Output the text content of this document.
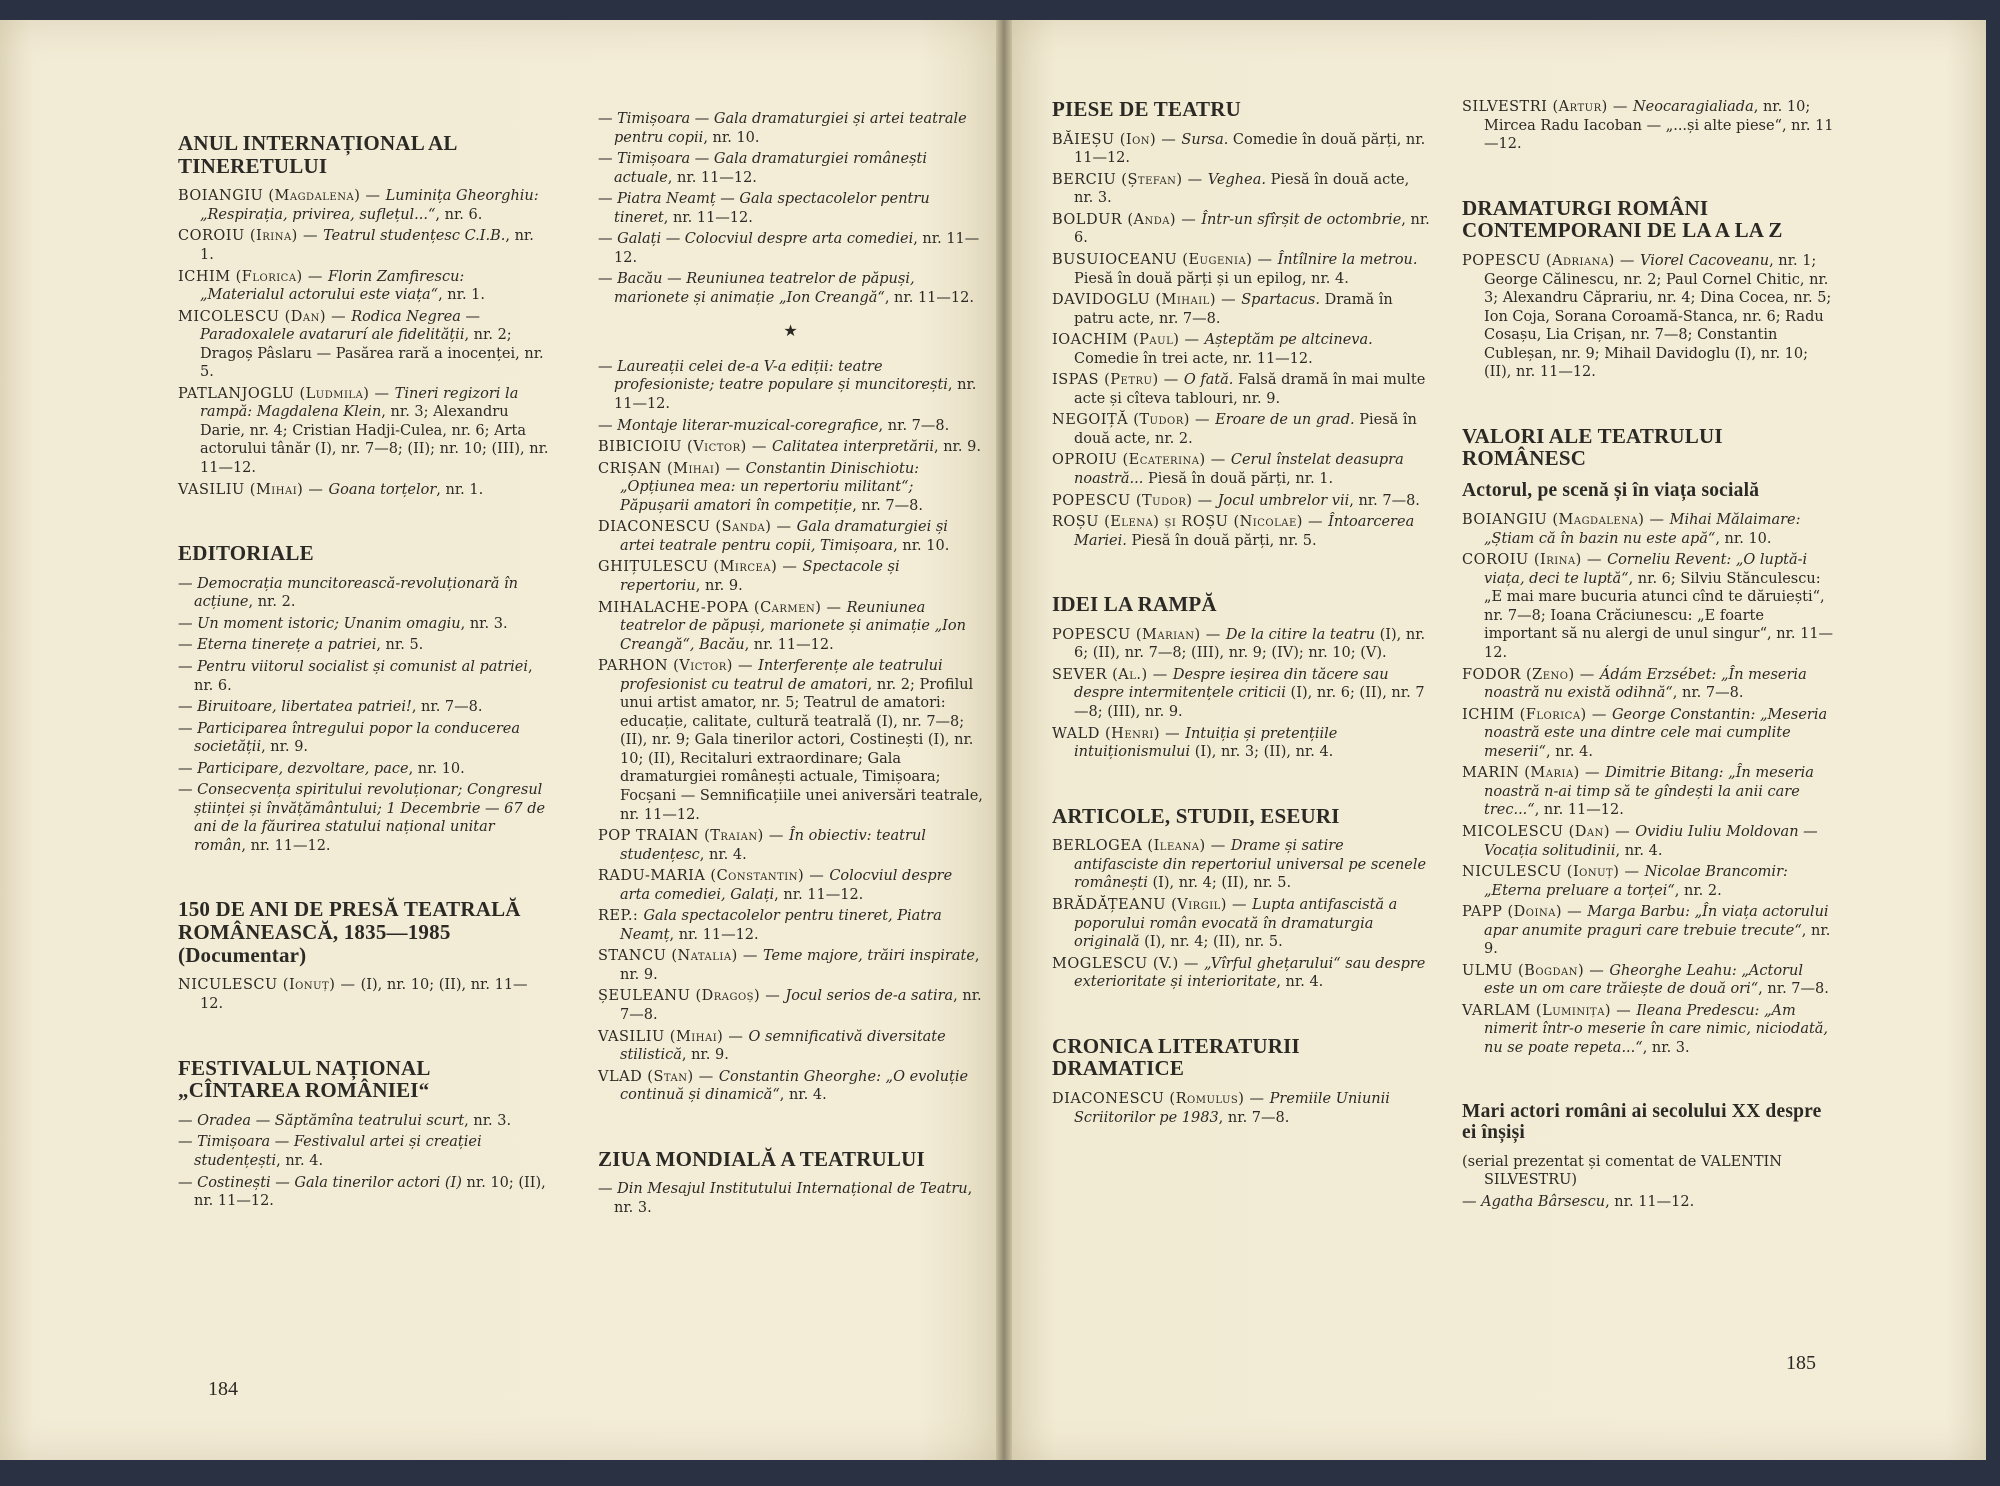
ANUL INTERNAȚIONAL AL TINERETULUI
BOIANGIU (Magdalena) — Luminița Gheorghiu: „Respirația, privirea, suflețul...“, nr. 6.
COROIU (Irina) — Teatrul studențesc C.I.B., nr. 1.
ICHIM (Florica) — Florin Zamfirescu: „Materialul actorului este viața“, nr. 1.
MICOLESCU (Dan) — Rodica Negrea — Paradoxalele avatarurí ale fidelității, nr. 2; Dragoș Pâslaru — Pasărea rară a inocenței, nr. 5.
PATLANJOGLU (Ludmila) — Tineri regizori la rampă: Magdalena Klein, nr. 3; Alexandru Darie, nr. 4; Cristian Hadji-Culea, nr. 6; Arta actorului tânăr (I), nr. 7—8; (II); nr. 10; (III), nr. 11—12.
VASILIU (Mihai) — Goana torțelor, nr. 1.
EDITORIALE
— Democrația muncitorească-revoluționară în acțiune, nr. 2.
— Un moment istoric; Unanim omagiu, nr. 3.
— Eterna tinerețe a patriei, nr. 5.
— Pentru viitorul socialist și comunist al patriei, nr. 6.
— Biruitoare, libertatea patriei!, nr. 7—8.
— Participarea întregului popor la conducerea societății, nr. 9.
— Participare, dezvoltare, pace, nr. 10.
— Consecvența spiritului revoluționar; Congresul științei și învățământului; 1 Decembrie — 67 de ani de la făurirea statului național unitar român, nr. 11—12.
150 DE ANI DE PRESĂ TEATRALĂ ROMÂNEASCĂ, 1835—1985 (Documentar)
NICULESCU (Ionuț) — (I), nr. 10; (II), nr. 11—12.
FESTIVALUL NAȚIONAL „CÎNTAREA ROMÂNIEI“
— Oradea — Săptămîna teatrului scurt, nr. 3.
— Timișoara — Festivalul artei și creației studențești, nr. 4.
— Costinești — Gala tinerilor actori (I) nr. 10; (II), nr. 11—12.
— Timișoara — Gala dramaturgiei și artei teatrale pentru copii, nr. 10.
— Timișoara — Gala dramaturgiei românești actuale, nr. 11—12.
— Piatra Neamț — Gala spectacolelor pentru tineret, nr. 11—12.
— Galați — Colocviul despre arta comediei, nr. 11—12.
— Bacău — Reuniunea teatrelor de păpuși, marionete și animație „Ion Creangă“, nr. 11—12.
★
— Laureații celei de-a V-a ediții: teatre profesioniste; teatre populare și muncitorești, nr. 11—12.
— Montaje literar-muzical-coregrafice, nr. 7—8.
BIBICIOIU (Victor) — Calitatea interpretării, nr. 9.
CRIȘAN (Mihai) — Constantin Dinischiotu: „Opțiunea mea: un repertoriu militant“; Păpușarii amatori în competiție, nr. 7—8.
DIACONESCU (Sanda) — Gala dramaturgiei și artei teatrale pentru copii, Timișoara, nr. 10.
GHIȚULESCU (Mircea) — Spectacole și repertoriu, nr. 9.
MIHALACHE-POPA (Carmen) — Reuniunea teatrelor de păpuși, marionete și animație „Ion Creangă“, Bacău, nr. 11—12.
PARHON (Victor) — Interferențe ale teatrului profesionist cu teatrul de amatori, nr. 2; Profilul unui artist amator, nr. 5; Teatrul de amatori: educație, calitate, cultură teatrală (I), nr. 7—8; (II), nr. 9; Gala tinerilor actori, Costinești (I), nr. 10; (II), Recitaluri extraordinare; Gala dramaturgiei românești actuale, Timișoara; Focșani — Semnificațiile unei aniversări teatrale, nr. 11—12.
POP TRAIAN (Traian) — În obiectiv: teatrul studențesc, nr. 4.
RADU-MARIA (Constantin) — Colocviul despre arta comediei, Galați, nr. 11—12.
REP.: Gala spectacolelor pentru tineret, Piatra Neamț, nr. 11—12.
STANCU (Natalia) — Teme majore, trăiri inspirate, nr. 9.
ȘEULEANU (Dragoș) — Jocul serios de-a satira, nr. 7—8.
VASILIU (Mihai) — O semnificativă diversitate stilistică, nr. 9.
VLAD (Stan) — Constantin Gheorghe: „O evoluție continuă și dinamică“, nr. 4.
ZIUA MONDIALĂ A TEATRULUI
— Din Mesajul Institutului Internațional de Teatru, nr. 3.
PIESE DE TEATRU
BĂIEȘU (Ion) — Sursa. Comedie în două părți, nr. 11—12.
BERCIU (Ștefan) — Veghea. Piesă în două acte, nr. 3.
BOLDUR (Anda) — Într-un sfîrșit de octombrie, nr. 6.
BUSUIOCEANU (Eugenia) — Întîlnire la metrou. Piesă în două părți și un epilog, nr. 4.
DAVIDOGLU (Mihail) — Spartacus. Dramă în patru acte, nr. 7—8.
IOACHIM (Paul) — Așteptăm pe altcineva. Comedie în trei acte, nr. 11—12.
ISPAS (Petru) — O fată. Falsă dramă în mai multe acte și cîteva tablouri, nr. 9.
NEGOIȚĂ (Tudor) — Eroare de un grad. Piesă în două acte, nr. 2.
OPROIU (Ecaterina) — Cerul înstelat deasupra noastră... Piesă în două părți, nr. 1.
POPESCU (Tudor) — Jocul umbrelor vii, nr. 7—8.
ROȘU (Elena) și ROȘU (Nicolae) — Întoarcerea Mariei. Piesă în două părți, nr. 5.
IDEI LA RAMPĂ
POPESCU (Marian) — De la citire la teatru (I), nr. 6; (II), nr. 7—8; (III), nr. 9; (IV); nr. 10; (V).
SEVER (Al.) — Despre ieșirea din tăcere sau despre intermitențele criticii (I), nr. 6; (II), nr. 7—8; (III), nr. 9.
WALD (Henri) — Intuiția și pretențiile intuiționismului (I), nr. 3; (II), nr. 4.
ARTICOLE, STUDII, ESEURI
BERLOGEA (Ileana) — Drame și satire antifasciste din repertoriul universal pe scenele românești (I), nr. 4; (II), nr. 5.
BRĂDĂȚEANU (Virgil) — Lupta antifascistă a poporului român evocată în dramaturgia originală (I), nr. 4; (II), nr. 5.
MOGLESCU (V.) — „Vîrful ghețarului“ sau despre exterioritate și interioritate, nr. 4.
CRONICA LITERATURII DRAMATICE
DIACONESCU (Romulus) — Premiile Uniunii Scriitorilor pe 1983, nr. 7—8.
SILVESTRI (Artur) — Neocaragialiada, nr. 10; Mircea Radu Iacoban — „...și alte piese“, nr. 11—12.
DRAMATURGI ROMÂNI CONTEMPORANI DE LA A LA Z
POPESCU (Adriana) — Viorel Cacoveanu, nr. 1; George Călinescu, nr. 2; Paul Cornel Chitic, nr. 3; Alexandru Căprariu, nr. 4; Dina Cocea, nr. 5; Ion Coja, Sorana Coroamă-Stanca, nr. 6; Radu Cosașu, Lia Crișan, nr. 7—8; Constantin Cubleșan, nr. 9; Mihail Davidoglu (I), nr. 10; (II), nr. 11—12.
VALORI ALE TEATRULUI ROMÂNESC
Actorul, pe scenă și în viața socială
BOIANGIU (Magdalena) — Mihai Mălaimare: „Știam că în bazin nu este apă“, nr. 10.
COROIU (Irina) — Corneliu Revent: „O luptă-i viața, deci te luptă“, nr. 6; Silviu Stănculescu: „E mai mare bucuria atunci cînd te dăruiești“, nr. 7—8; Ioana Crăciunescu: „E foarte important să nu alergi de unul singur“, nr. 11—12.
FODOR (Zeno) — Ádám Erzsébet: „În meseria noastră nu există odihnă“, nr. 7—8.
ICHIM (Florica) — George Constantin: „Meseria noastră este una dintre cele mai cumplite meserii“, nr. 4.
MARIN (Maria) — Dimitrie Bitang: „În meseria noastră n-ai timp să te gîndești la anii care trec...“, nr. 11—12.
MICOLESCU (Dan) — Ovidiu Iuliu Moldovan — Vocația solitudinii, nr. 4.
NICULESCU (Ionuț) — Nicolae Brancomir: „Eterna preluare a torței“, nr. 2.
PAPP (Doina) — Marga Barbu: „În viața actorului apar anumite praguri care trebuie trecute“, nr. 9.
ULMU (Bogdan) — Gheorghe Leahu: „Actorul este un om care trăiește de două ori“, nr. 7—8.
VARLAM (Luminița) — Ileana Predescu: „Am nimerit într-o meserie în care nimic, niciodată, nu se poate repeta...“, nr. 3.
Mari actori români ai secolului XX despre ei înșiși
(serial prezentat și comentat de VALENTIN SILVESTRU)
— Agatha Bârsescu, nr. 11—12.
184
185
